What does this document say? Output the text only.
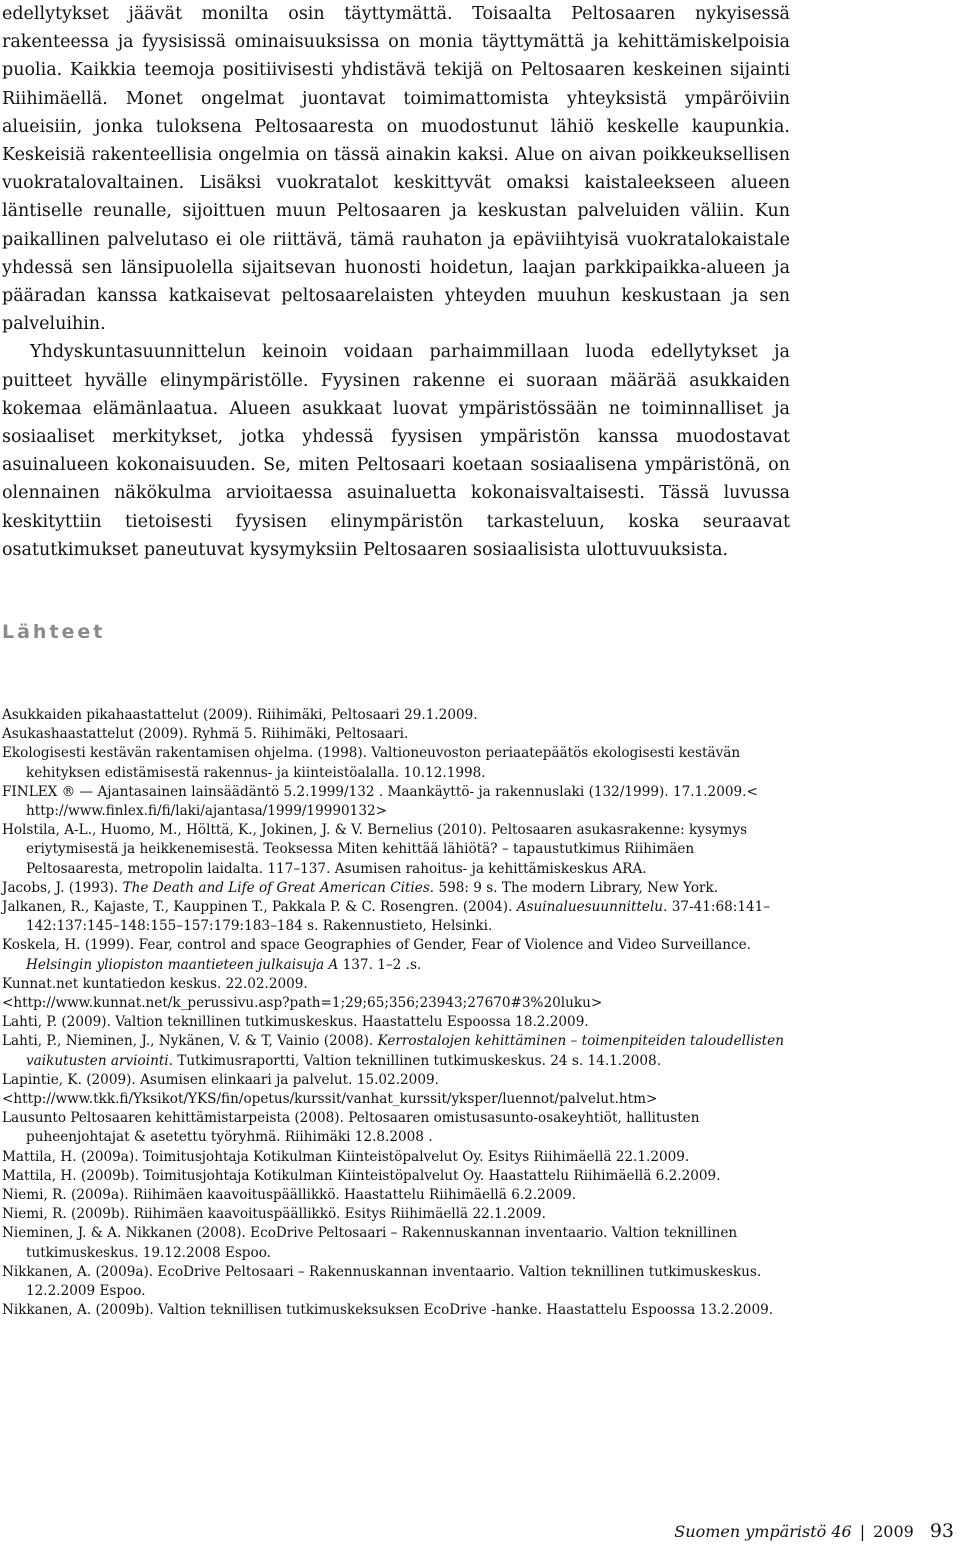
edellytykset jäävät monilta osin täyttymättä. Toisaalta Peltosaaren nykyisessä rakenteessa ja fyysisissä ominaisuuksissa on monia täyttymättä ja kehittämiskelpoisia puolia. Kaikkia teemoja positiivisesti yhdistävä tekijä on Peltosaaren keskeinen sijainti Riihimäellä. Monet ongelmat juontavat toimimattomista yhteyksistä ympäröiviin alueisiin, jonka tuloksena Peltosaaresta on muodostunut lähiö keskelle kaupunkia. Keskeisiä rakenteellisia ongelmia on tässä ainakin kaksi. Alue on aivan poikkeuksellisen vuokratalovaltainen. Lisäksi vuokratalot keskittyvät omaksi kaistaleekseen alueen läntiselle reunalle, sijoittuen muun Peltosaaren ja keskustan palveluiden väliin. Kun paikallinen palvelutaso ei ole riittävä, tämä rauhaton ja epäviihtyisä vuokratalokaistale yhdessä sen länsipuolella sijaitsevan huonosti hoidetun, laajan parkkipaikka-alueen ja pääradan kanssa katkaisevat peltosaarelaisten yhteyden muuhun keskustaan ja sen palveluihin.

Yhdyskuntasuunnittelun keinoin voidaan parhaimmillaan luoda edellytykset ja puitteet hyvälle elinympäristölle. Fyysinen rakenne ei suoraan määrää asukkaiden kokemaa elämänlaatua. Alueen asukkaat luovat ympäristössään ne toiminnalliset ja sosiaaliset merkitykset, jotka yhdessä fyysisen ympäristön kanssa muodostavat asuinalueen kokonaisuuden. Se, miten Peltosaari koetaan sosiaalisena ympäristönä, on olennainen näkökulma arvioitaessa asuinaluetta kokonaisvaltaisesti. Tässä luvussa keskityttiin tietoisesti fyysisen elinympäristön tarkasteluun, koska seuraavat osatutkimukset paneutuvat kysymyksiin Peltosaaren sosiaalisista ulottuvuuksista.

Lähteet
Asukkaiden pikahaastattelut (2009). Riihimäki, Peltosaari 29.1.2009.
Asukashaastattelut (2009). Ryhmä 5. Riihimäki, Peltosaari.
Ekologisesti kestävän rakentamisen ohjelma. (1998). Valtioneuvoston periaatepäätös ekologisesti kestävän kehityksen edistämisestä rakennus- ja kiinteistöalalla. 10.12.1998.
FINLEX ® — Ajantasainen lainsäädäntö 5.2.1999/132 . Maankäyttö- ja rakennuslaki (132/1999). 17.1.2009.< http://www.finlex.fi/fi/laki/ajantasa/1999/19990132>
Holstila, A-L., Huomo, M., Hölttä, K., Jokinen, J. & V. Bernelius (2010). Peltosaaren asukasrakenne: kysymys eriytymisestä ja heikkenemisestä. Teoksessa Miten kehittää lähiötä? – tapaustutkimus Riihimäen Peltosaaresta, metropolin laidalta. 117–137. Asumisen rahoitus- ja kehittämiskeskus ARA.
Jacobs, J. (1993). The Death and Life of Great American Cities. 598: 9 s. The modern Library, New York.
Jalkanen, R., Kajaste, T., Kauppinen T., Pakkala P. & C. Rosengren. (2004). Asuinaluesuunnittelu. 37-41:68:141–142:137:145–148:155–157:179:183–184 s. Rakennustieto, Helsinki.
Koskela, H. (1999). Fear, control and space Geographies of Gender, Fear of Violence and Video Surveillance. Helsingin yliopiston maantieteen julkaisuja A 137. 1–2 .s.
Kunnat.net kuntatiedon keskus. 22.02.2009.
<http://www.kunnat.net/k_perussivu.asp?path=1;29;65;356;23943;27670#3%20luku>
Lahti, P. (2009). Valtion teknillinen tutkimuskeskus. Haastattelu Espoossa 18.2.2009.
Lahti, P., Nieminen, J., Nykänen, V. & T, Vainio (2008). Kerrostalojen kehittäminen – toimenpiteiden taloudellisten vaikutusten arviointi. Tutkimusraportti, Valtion teknillinen tutkimuskeskus. 24 s. 14.1.2008.
Lapintie, K. (2009). Asumisen elinkaari ja palvelut. 15.02.2009.
<http://www.tkk.fi/Yksikot/YKS/fin/opetus/kurssit/vanhat_kurssit/yksper/luennot/palvelut.htm>
Lausunto Peltosaaren kehittämistarpeista (2008). Peltosaaren omistusasunto-osakeyhtiöt, hallitusten puheenjohtajat & asetettu työryhmä. Riihimäki 12.8.2008 .
Mattila, H. (2009a). Toimitusjohtaja Kotikulman Kiinteistöpalvelut Oy. Esitys Riihimäellä 22.1.2009.
Mattila, H. (2009b). Toimitusjohtaja Kotikulman Kiinteistöpalvelut Oy. Haastattelu Riihimäellä 6.2.2009.
Niemi, R. (2009a). Riihimäen kaavoituspäällikkö. Haastattelu Riihimäellä 6.2.2009.
Niemi, R. (2009b). Riihimäen kaavoituspäällikkö. Esitys Riihimäellä 22.1.2009.
Nieminen, J. & A. Nikkanen (2008). EcoDrive Peltosaari – Rakennuskannan inventaario. Valtion teknillinen tutkimuskeskus. 19.12.2008 Espoo.
Nikkanen, A. (2009a). EcoDrive Peltosaari – Rakennuskannan inventaario. Valtion teknillinen tutkimuskeskus. 12.2.2009 Espoo.
Nikkanen, A. (2009b). Valtion teknillisen tutkimuskeksuksen EcoDrive -hanke. Haastattelu Espoossa 13.2.2009.
Suomen ympäristö 46 | 2009 93
